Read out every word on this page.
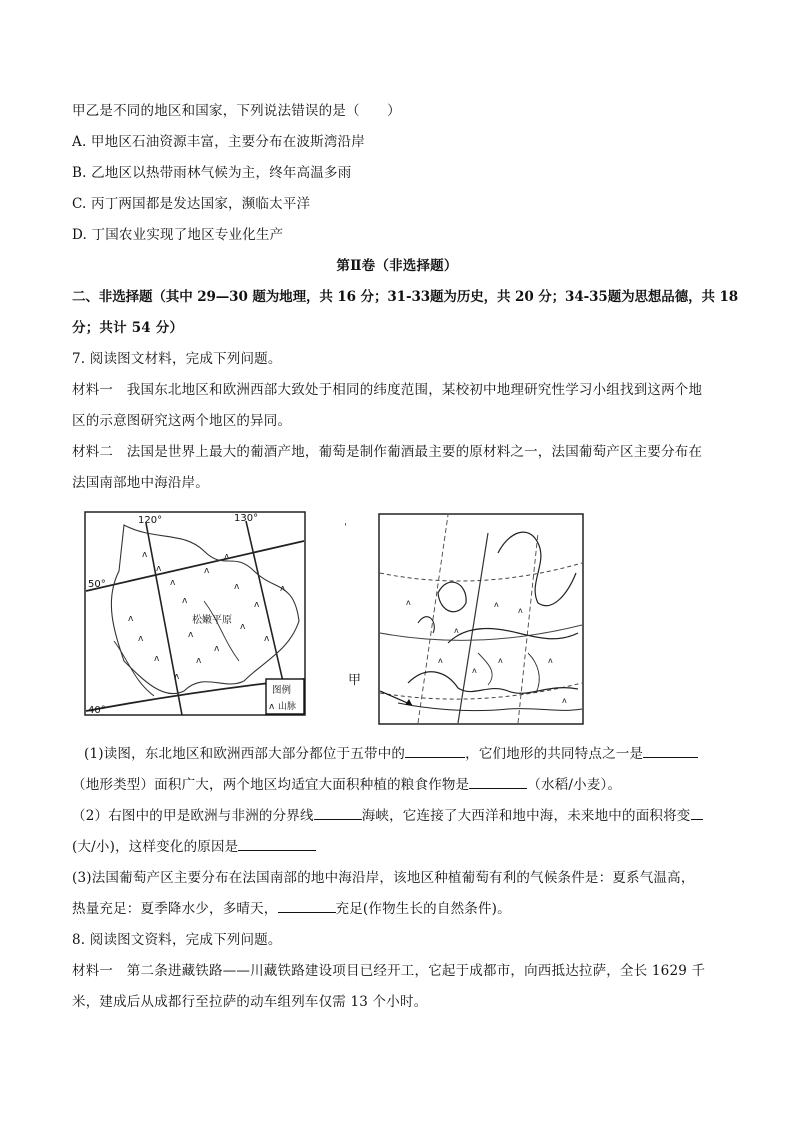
甲乙是不同的地区和国家，下列说法错误的是（　　）
A. 甲地区石油资源丰富，主要分布在波斯湾沿岸
B. 乙地区以热带雨林气候为主，终年高温多雨
C. 丙丁两国都是发达国家，濒临太平洋
D. 丁国农业实现了地区专业化生产
第Ⅱ卷（非选择题）
二、非选择题（其中 29—30 题为地理，共 16 分；31-33题为历史，共 20 分；34-35题为思想品德，共 18
分；共计 54 分）
7. 阅读图文材料，完成下列问题。
材料一　我国东北地区和欧洲西部大致处于相同的纬度范围，某校初中地理研究性学习小组找到这两个地
区的示意图研究这两个地区的异同。
材料二　法国是世界上最大的葡酒产地，葡萄是制作葡酒最主要的原材料之一，法国葡萄产区主要分布在
法国南部地中海沿岸。
ˈ
ᴧ
ᴧ
ᴧ
ᴧ
ᴧ
ᴧ
ᴧ
ᴧ
ᴧ
ᴧ
ᴧ
ᴧ
ᴧ
ᴧ
ᴧ
ᴧ
ᴧ
ᴧ
120°	130°
50°
40°
松嫩平原
图例
ᴧ 山脉
ᴧ	ᴧ
ᴧ
ᴧ
ᴧ
ᴧ
ᴧ
ᴧ
ᴧ
甲
(1)读图，东北地区和欧洲西部大部分都位于五带中的	，它们地形的共同特点之一是
（地形类型）面积广大，两个地区均适宜大面积种植的粮食作物是	（水稻/小麦）。
（2）右图中的甲是欧洲与非洲的分界线	海峡，它连接了大西洋和地中海，未来地中的面积将变
(大/小)，这样变化的原因是
(3)法国葡萄产区主要分布在法国南部的地中海沿岸，该地区种植葡萄有利的气候条件是：夏系气温高，
热量充足：夏季降水少，多晴天，	充足(作物生长的自然条件)。
8. 阅读图文资料，完成下列问题。
材料一　第二条进藏铁路——川藏铁路建设项目已经开工，它起于成都市，向西抵达拉萨，全长 1629 千
米，建成后从成都行至拉萨的动车组列车仅需 13 个小时。
